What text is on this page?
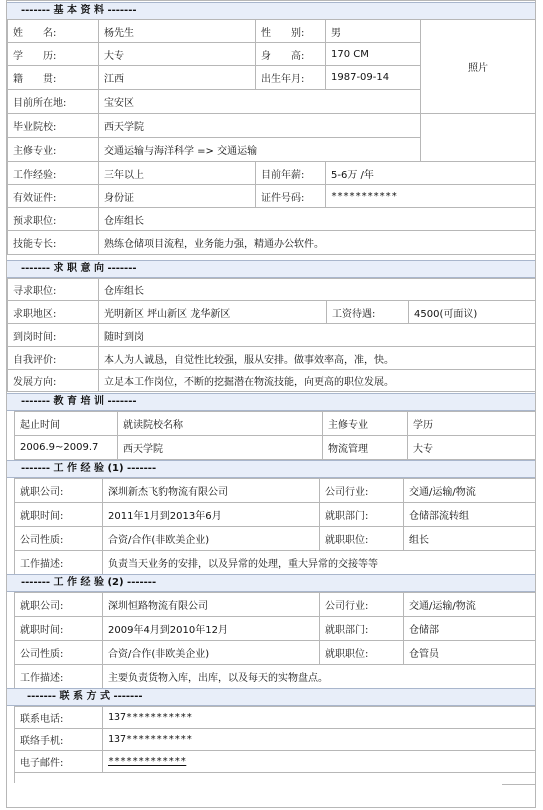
------- 基 本 资 料 -------
姓　　名:	杨先生	性　　别:	男	照片
学　　历:	大专	身　　高:	170 CM	
籍　　贯:	江西	出生年月:	1987-09-14	
目前所在地:	宝安区			
毕业院校:	西天学院			
主修专业:	交通运输与海洋科学 => 交通运输			
工作经验:	三年以上	目前年薪:	5-6万 /年	
有效证件:	身份证	证件号码:	***********	
预求职位:	仓库组长			
技能专长:	熟练仓储项目流程，业务能力强，精通办公软件。			
------- 求 职 意 向 -------
寻求职位:	仓库组长		
求职地区:	光明新区 坪山新区 龙华新区	工资待遇:	4500(可面议)
到岗时间:	随时到岗		
自我评价:	本人为人诚恳，自觉性比较强，服从安排。做事效率高，准，快。		
发展方向:	立足本工作岗位，不断的挖掘潜在物流技能，向更高的职位发展。		
------- 教 育 培 训 -------
起止时间	就读院校名称	主修专业	学历
2006.9~2009.7	西天学院	物流管理	大专
------- 工 作 经 验 (1) -------
就职公司:	深圳新杰飞豹物流有限公司	公司行业:	交通/运输/物流
就职时间:	2011年1月到2013年6月	就职部门:	仓储部流转组
公司性质:	合资/合作(非欧美企业)	就职职位:	组长
工作描述:	负责当天业务的安排，以及异常的处理，重大异常的交接等等		
------- 工 作 经 验 (2) -------
就职公司:	深圳恒路物流有限公司	公司行业:	交通/运输/物流
就职时间:	2009年4月到2010年12月	就职部门:	仓储部
公司性质:	合资/合作(非欧美企业)	就职职位:	仓管员
工作描述:	主要负责货物入库，出库，以及每天的实物盘点。		
------- 联 系 方 式 -------
联系电话:	137***********
联络手机:	137***********
电子邮件:	*************
